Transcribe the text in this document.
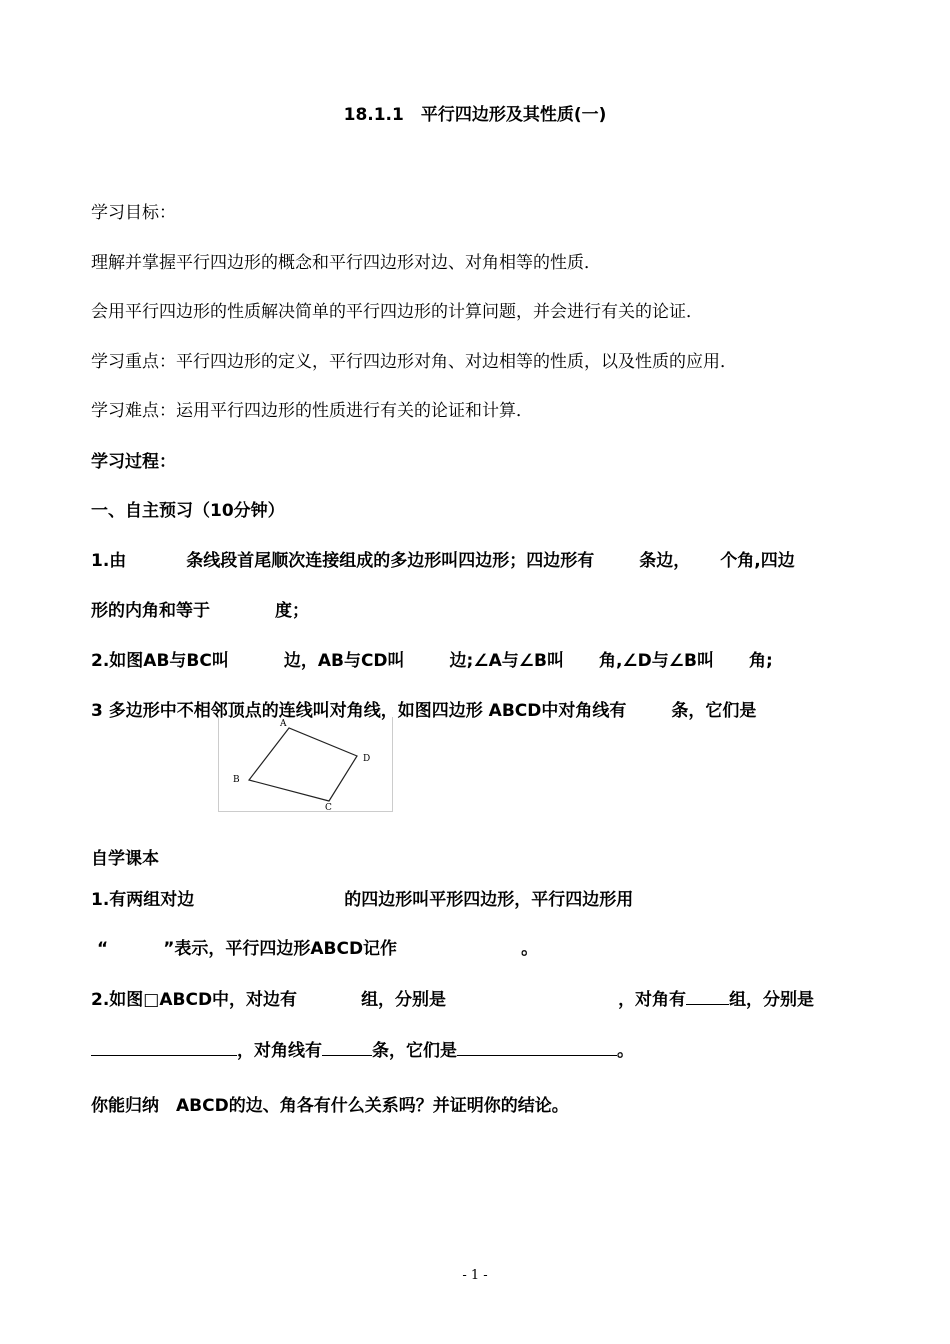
18.1.1　平行四边形及其性质(一)
学习目标：
理解并掌握平行四边形的概念和平行四边形对边、对角相等的性质．
会用平行四边形的性质解决简单的平行四边形的计算问题，并会进行有关的论证．
学习重点：平行四边形的定义，平行四边形对角、对边相等的性质，以及性质的应用．
学习难点：运用平行四边形的性质进行有关的论证和计算．
学习过程：
一、自主预习（10分钟）
1.由	条线段首尾顺次连接组成的多边形叫四边形；四边形有	条边， 个角,四边
形的内角和等于	度；
2.如图AB与BC叫	边，AB与CD叫	边;∠A与∠B叫 角,∠D与∠B叫 角;
3 多边形中不相邻顶点的连线叫对角线，如图四边形 ABCD中对角线有	条，它们是
A
B
C
D
自学课本
1.有两组对边	的四边形叫平形四边形，平行四边形用
“	”表示，平行四边形ABCD记作	。
2.如图□ABCD中，对边有	组，分别是	，对角有	组，分别是
，对角线有	条，它们是	。
你能归纳　ABCD的边、角各有什么关系吗？并证明你的结论。
- 1 -
